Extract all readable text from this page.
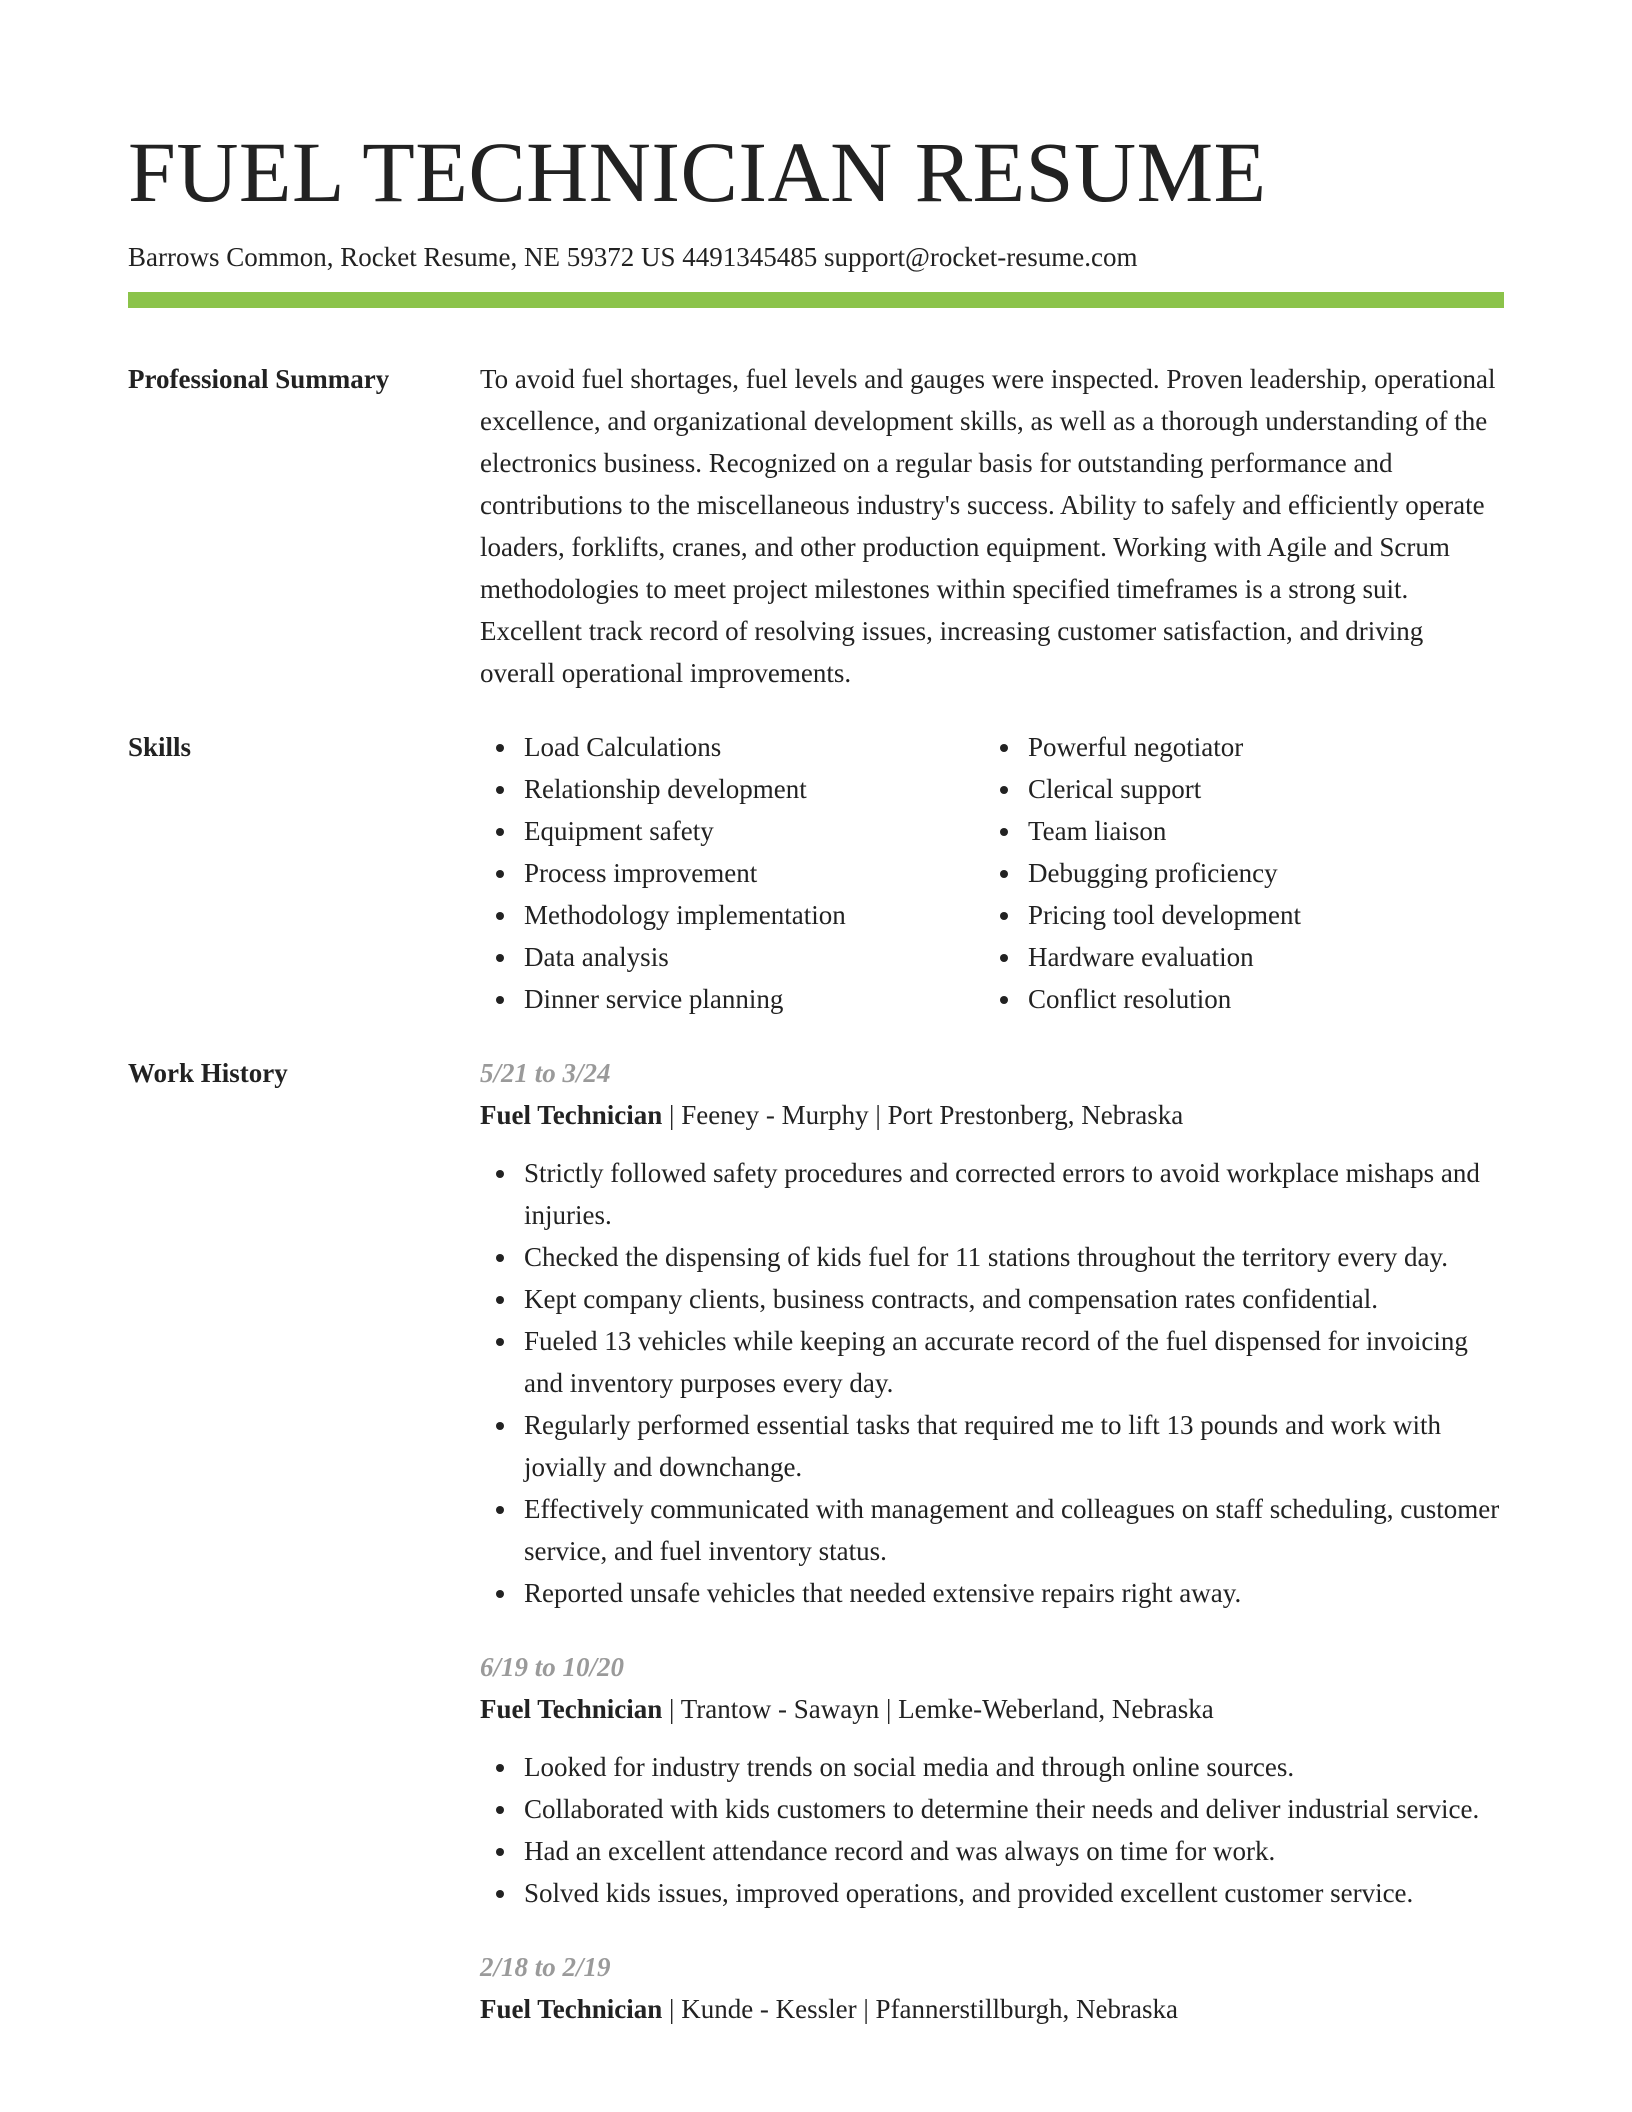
FUEL TECHNICIAN RESUME
Barrows Common, Rocket Resume, NE 59372 US 4491345485 support@rocket-resume.com
Professional Summary	To avoid fuel shortages, fuel levels and gauges were inspected. Proven leadership, operational excellence, and organizational development skills, as well as a thorough understanding of the electronics business. Recognized on a regular basis for outstanding performance and contributions to the miscellaneous industry's success. Ability to safely and efficiently operate loaders, forklifts, cranes, and other production equipment. Working with Agile and Scrum methodologies to meet project milestones within specified timeframes is a strong suit. Excellent track record of resolving issues, increasing customer satisfaction, and driving overall operational improvements.
Skills	Load Calculations
Relationship development
Equipment safety
Process improvement
Methodology implementation
Data analysis
Dinner service planning
Powerful negotiator
Clerical support
Team liaison
Debugging proficiency
Pricing tool development
Hardware evaluation
Conflict resolution
Work History	5/21 to 3/24
Fuel Technician | Feeney - Murphy | Port Prestonberg, Nebraska
Strictly followed safety procedures and corrected errors to avoid workplace mishaps and injuries.
Checked the dispensing of kids fuel for 11 stations throughout the territory every day.
Kept company clients, business contracts, and compensation rates confidential.
Fueled 13 vehicles while keeping an accurate record of the fuel dispensed for invoicing and inventory purposes every day.
Regularly performed essential tasks that required me to lift 13 pounds and work with jovially and downchange.
Effectively communicated with management and colleagues on staff scheduling, customer service, and fuel inventory status.
Reported unsafe vehicles that needed extensive repairs right away.
6/19 to 10/20
Fuel Technician | Trantow - Sawayn | Lemke-Weberland, Nebraska
Looked for industry trends on social media and through online sources.
Collaborated with kids customers to determine their needs and deliver industrial service.
Had an excellent attendance record and was always on time for work.
Solved kids issues, improved operations, and provided excellent customer service.
2/18 to 2/19
Fuel Technician | Kunde - Kessler | Pfannerstillburgh, Nebraska
